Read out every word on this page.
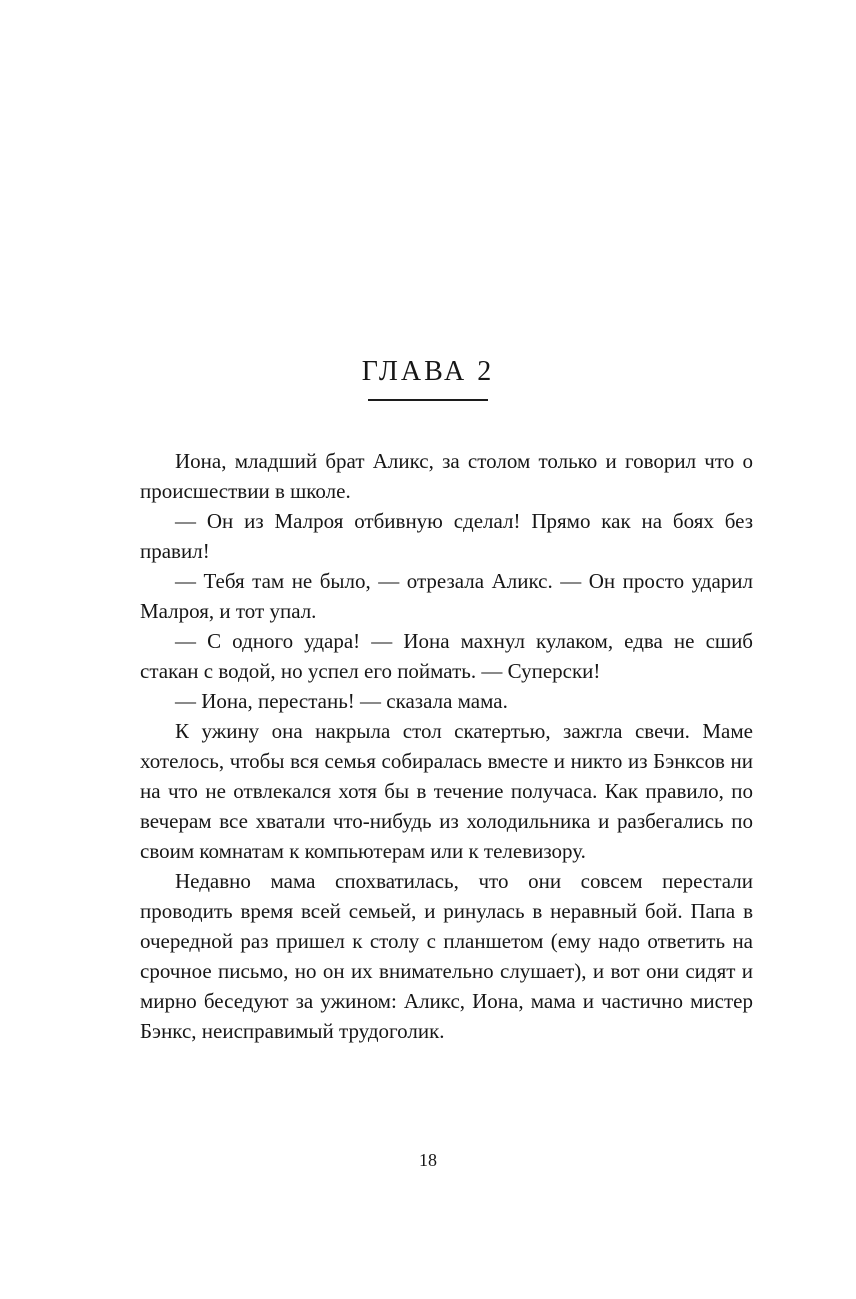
ГЛАВА 2

Иона, младший брат Аликс, за столом только и говорил что о происшествии в школе.

— Он из Малроя отбивную сделал! Прямо как на боях без правил!

— Тебя там не было, — отрезала Аликс. — Он просто ударил Малроя, и тот упал.

— С одного удара! — Иона махнул кулаком, едва не сшиб стакан с водой, но успел его поймать. — Суперски!

— Иона, перестань! — сказала мама.

К ужину она накрыла стол скатертью, зажгла свечи. Маме хотелось, чтобы вся семья собиралась вместе и никто из Бэнксов ни на что не отвлекался хотя бы в течение получаса. Как правило, по вечерам все хватали что-нибудь из холодильника и разбегались по своим комнатам к компьютерам или к телевизору.

Недавно мама спохватилась, что они совсем перестали проводить время всей семьей, и ринулась в неравный бой. Папа в очередной раз пришел к столу с планшетом (ему надо ответить на срочное письмо, но он их внимательно слушает), и вот они сидят и мирно беседуют за ужином: Аликс, Иона, мама и частично мистер Бэнкс, неисправимый трудоголик.

18
